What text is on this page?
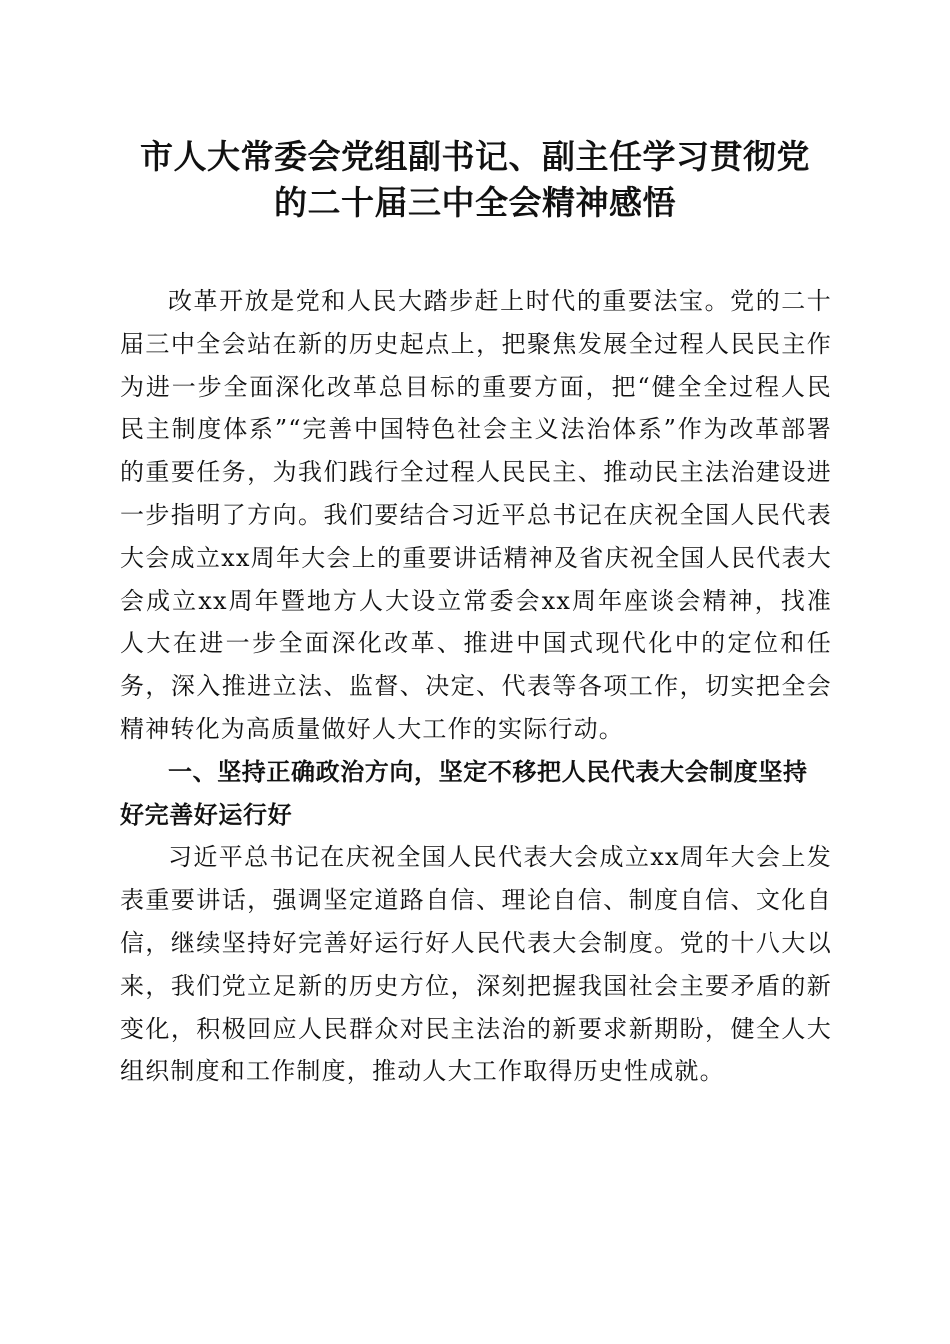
市人大常委会党组副书记、副主任学习贯彻党
的二十届三中全会精神感悟

改革开放是党和人民大踏步赶上时代的重要法宝。党的二十届三中全会站在新的历史起点上，把聚焦发展全过程人民民主作为进一步全面深化改革总目标的重要方面，把“健全全过程人民民主制度体系”“完善中国特色社会主义法治体系”作为改革部署的重要任务，为我们践行全过程人民民主、推动民主法治建设进一步指明了方向。我们要结合习近平总书记在庆祝全国人民代表大会成立xx周年大会上的重要讲话精神及省庆祝全国人民代表大会成立xx周年暨地方人大设立常委会xx周年座谈会精神，找准人大在进一步全面深化改革、推进中国式现代化中的定位和任务，深入推进立法、监督、决定、代表等各项工作，切实把全会精神转化为高质量做好人大工作的实际行动。

一、坚持正确政治方向，坚定不移把人民代表大会制度坚持好完善好运行好

习近平总书记在庆祝全国人民代表大会成立xx周年大会上发表重要讲话，强调坚定道路自信、理论自信、制度自信、文化自信，继续坚持好完善好运行好人民代表大会制度。党的十八大以来，我们党立足新的历史方位，深刻把握我国社会主要矛盾的新变化，积极回应人民群众对民主法治的新要求新期盼，健全人大组织制度和工作制度，推动人大工作取得历史性成就。
